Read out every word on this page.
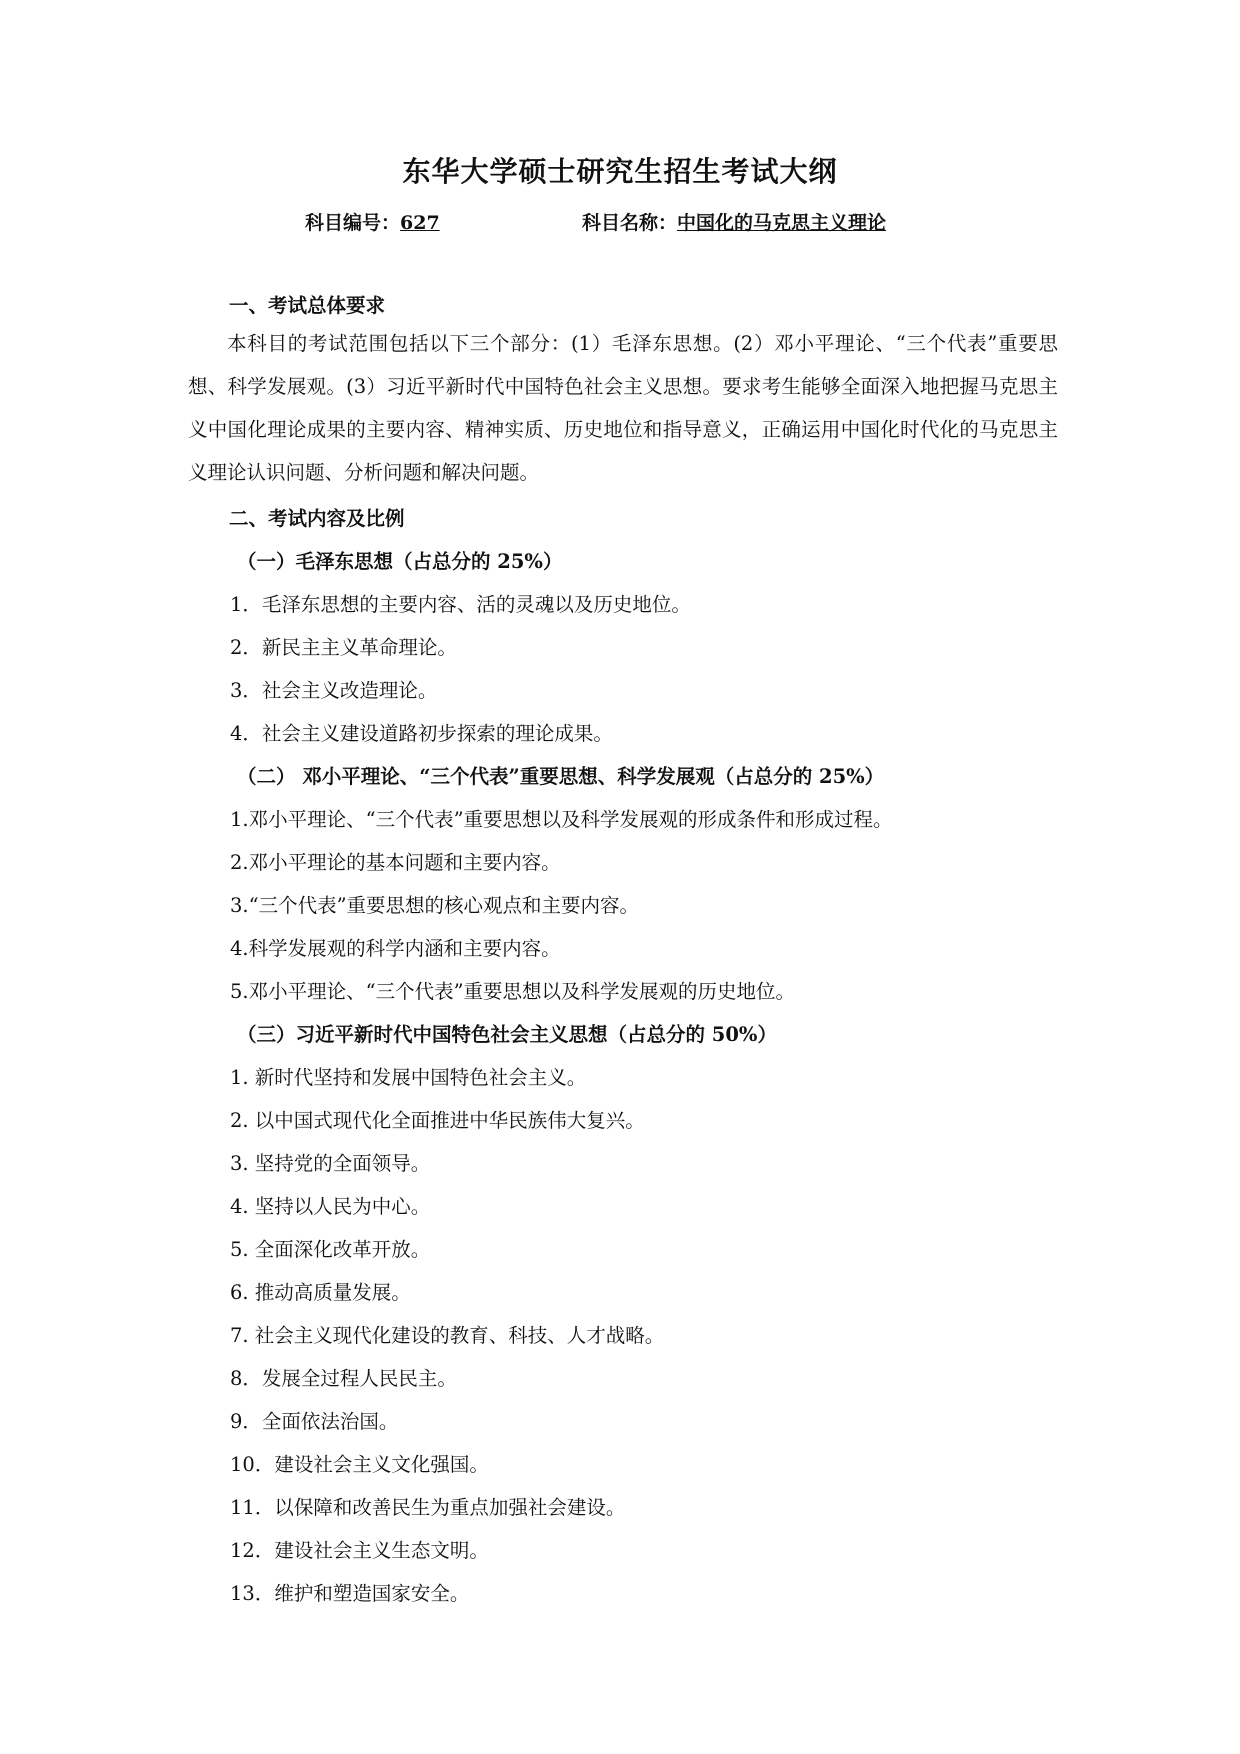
东华大学硕士研究生招生考试大纲
科目编号：627	科目名称：中国化的马克思主义理论
一、考试总体要求
本科目的考试范围包括以下三个部分：(1）毛泽东思想。(2）邓小平理论、“三个代表”重要思想、科学发展观。(3）习近平新时代中国特色社会主义思想。要求考生能够全面深入地把握马克思主义中国化理论成果的主要内容、精神实质、历史地位和指导意义，正确运用中国化时代化的马克思主义理论认识问题、分析问题和解决问题。
二、考试内容及比例
（一）毛泽东思想（占总分的 25%）
1．毛泽东思想的主要内容、活的灵魂以及历史地位。
2．新民主主义革命理论。
3．社会主义改造理论。
4．社会主义建设道路初步探索的理论成果。
（二） 邓小平理论、“三个代表”重要思想、科学发展观（占总分的 25%）
1.邓小平理论、“三个代表”重要思想以及科学发展观的形成条件和形成过程。
2.邓小平理论的基本问题和主要内容。
3.“三个代表”重要思想的核心观点和主要内容。
4.科学发展观的科学内涵和主要内容。
5.邓小平理论、“三个代表”重要思想以及科学发展观的历史地位。
（三）习近平新时代中国特色社会主义思想（占总分的 50%）
1. 新时代坚持和发展中国特色社会主义。
2. 以中国式现代化全面推进中华民族伟大复兴。
3. 坚持党的全面领导。
4. 坚持以人民为中心。
5. 全面深化改革开放。
6. 推动高质量发展。
7. 社会主义现代化建设的教育、科技、人才战略。
8．发展全过程人民民主。
9．全面依法治国。
10．建设社会主义文化强国。
11．以保障和改善民生为重点加强社会建设。
12．建设社会主义生态文明。
13．维护和塑造国家安全。
